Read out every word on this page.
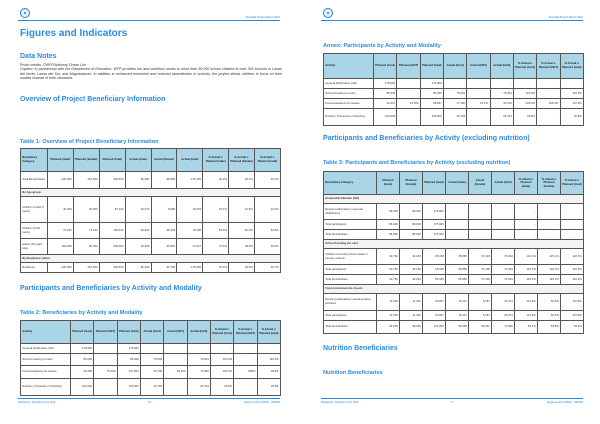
Standard Project Report 2016
Figures and Indicators
Data Notes
Photo credits: ©WFP/Anthony Chase Lim
Caption: In partnership with the Department of Education, WFP provides hot and nutritious meals to more than 80,000 school children in over 300 schools in Lanao del Norte, Lanao del Sur, and Maguindanao. In addition to enhanced enrolment and reduced absenteeism in schools, the project allows children to focus on their studies instead of their stomachs.
Overview of Project Beneficiary Information
Table 1: Overview of Project Beneficiary Information
Beneficiary Category	Planned (male)	Planned (female)	Planned (total)	Actual (male)	Actual (female)	Actual (total)	% Actual v. Planned (male)	% Actual v. Planned (female)	% Actual v. Planned (total)
Total Beneficiaries	220,000	210,550	430,550	86,381	88,684	175,105	40.2%	40.1%	40.1%
By Age-group:									
Children (under 5 years)	40,000	40,000	87,320	10,073	8,990	19,063	25.1%	21.5%	22.0%
Children (5-18 years)	74,222	74,222	148,444	39,942	38,403	78,345	53.8%	51.0%	52.8%
Adults (18 years plus)	102,188	96,000	200,000	36,366	36,861	73,227	37.6%	38.5%	36.6%
By Residence status:									
Residents	220,000	210,550	430,550	82,300	92,795	175,095	37.4%	43.9%	40.7%
Participants and Beneficiaries by Activity and Modality
Table 2: Beneficiaries by Activity and Modality
Activity	Planned (food)	Planned (CBT)	Planned (total)	Actual (food)	Actual (CBT)	Actual (total)	% Actual v. Planned (food)	% Actual v. Planned (CBT)	% Actual v. Planned (total)
General Distribution (GD)	175,000	-	175,000	-	-	-	-	-	-
School Feeding (on-site)	85,000	-	85,000	75,004	-	75,004	110.6%	-	110.6%
Food-Assistance-for-Assets	62,200	75,000	137,200	63,799	65,400	73,999	102.4%	999%	93.8%
Nutrition: Prevention of Stunting	100,000	-	100,000	25,793	-	25,793	25.8%	-	25.8%
Philippines, Republic of the (PH)	16	Single Country PRRO - 200296
Standard Project Report 2016
Annex: Participants by Activity and Modality
Activity	Planned (food)	Planned (CBT)	Planned (total)	Actual (food)	Actual (CBT)	Actual (total)	% Actual v. Planned (food)	% Actual v. Planned (CBT)	% Actual v. Planned (total)
General Distribution (GD)	175,000	-	175,000	-	-	-	-	-	-
School Feeding (on-site)	85,000	-	85,000	75,004	-	75,004	110.6%	-	110.6%
Food-Assistance-for-Assets	16,347	12,500	28,847	17,150	13,517	30,476	105.0%	108.1%	107.6%
Nutrition: Prevention of Stunting	100,000	-	100,000	25,793	-	25,793	25.8%	-	25.8%
Participants and Beneficiaries by Activity (excluding nutrition)
Table 3: Participants and Beneficiaries by Activity (excluding nutrition)
Beneficiary Category	Planned (male)	Planned (female)	Planned (total)	Actual (male)	Actual (female)	Actual (total)	% Actual v. Planned (male)	% Actual v. Planned (female)	% Actual v. Planned (total)
General Distribution (GD)									
People participating in general distributions	86,000	89,000	175,000	-	-	-	-	-	-
Total participants	86,000	89,000	175,000	-	-	-	-	-	-
Total beneficiaries	86,000	89,000	175,000	-	-	-	-	-	-
School Feeding (on-site)									
Children receiving school meals in primary schools	32,760	32,240	65,000	35,856	37,148	73,004	110.1%	115.1%	110.6%
Total participants	32,760	32,240	65,000	35,856	37,148	73,004	110.1%	115.1%	110.6%
Total beneficiaries	32,760	32,240	65,000	35,856	37,148	73,004	110.1%	115.1%	110.6%
Food-Assistance-for-Assets									
People participating in asset-creation activities	11,525	11,342	22,867	15,117	5,357	20,474	131.2%	52.5%	107.5%
Total participants	11,525	11,342	22,867	15,117	5,357	20,474	131.2%	52.5%	107.5%
Total beneficiaries	69,150	68,050	137,200	36,659	36,957	73,996	53.4%	53.8%	53.8%
Nutrition Beneficiaries
Nutrition Beneficiaries
Philippines, Republic of the (PH)	17	Single Country PRRO - 200296
